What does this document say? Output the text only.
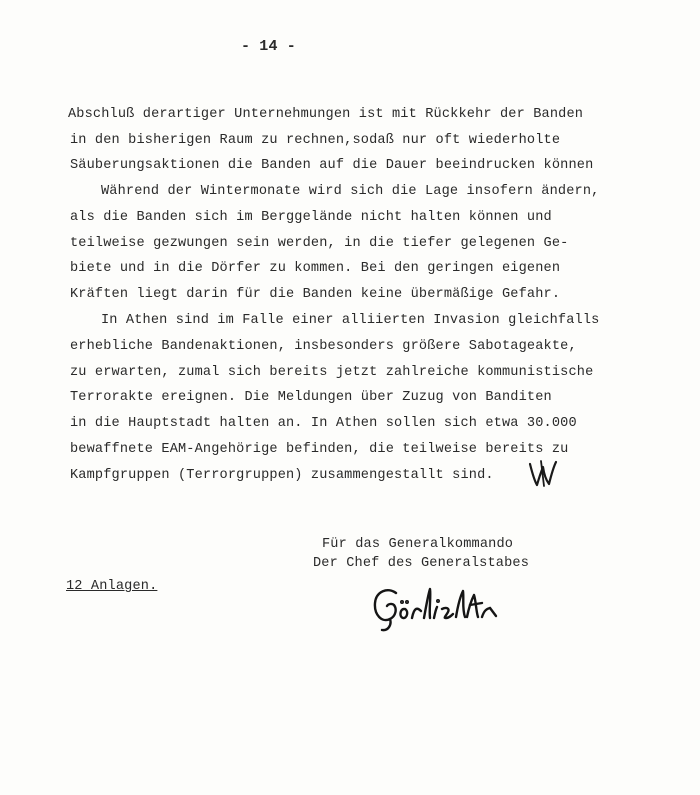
- 14 -
Abschluß derartiger Unternehmungen ist mit Rückkehr der Banden
in den bisherigen Raum zu rechnen,sodaß nur oft wiederholte
Säuberungsaktionen die Banden auf die Dauer beeindrucken können
Während der Wintermonate wird sich die Lage insofern ändern,
als die Banden sich im Berggelände nicht halten können und
teilweise gezwungen sein werden, in die tiefer gelegenen Ge-
biete und in die Dörfer zu kommen. Bei den geringen eigenen
Kräften liegt darin für die Banden keine übermäßige Gefahr.
In Athen sind im Falle einer alliierten Invasion gleichfalls
erhebliche Bandenaktionen, insbesonders größere Sabotageakte,
zu erwarten, zumal sich bereits jetzt zahlreiche kommunistische
Terrorakte ereignen. Die Meldungen über Zuzug von Banditen
in die Hauptstadt halten an. In Athen sollen sich etwa 30.000
bewaffnete EAM-Angehörige befinden, die teilweise bereits zu
Kampfgruppen (Terrorgruppen) zusammengestallt sind.
Für das Generalkommando
Der Chef des Generalstabes
12 Anlagen.
